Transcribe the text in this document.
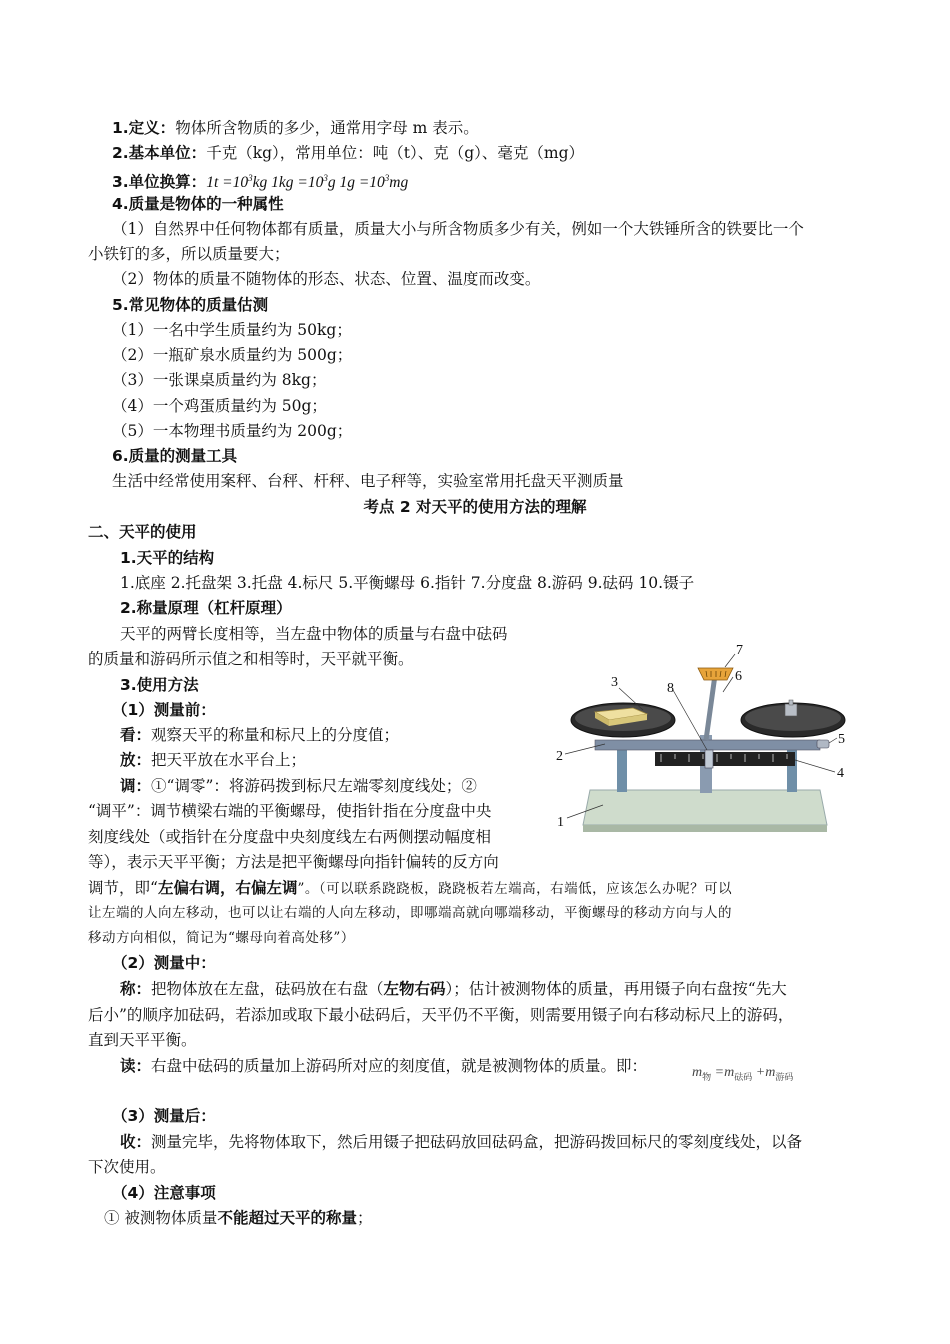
1.定义：物体所含物质的多少，通常用字母 m 表示。
2.基本单位：千克（kg），常用单位：吨（t）、克（g）、毫克（mg）
3.单位换算：$1t =10^3kg$ $1kg =10^3g$ $1g =10^3mg$
4.质量是物体的一种属性
（1）自然界中任何物体都有质量，质量大小与所含物质多少有关，例如一个大铁锤所含的铁要比一个
小铁钉的多，所以质量要大；
（2）物体的质量不随物体的形态、状态、位置、温度而改变。
5.常见物体的质量估测
（1）一名中学生质量约为 50kg；
（2）一瓶矿泉水质量约为 500g；
（3）一张课桌质量约为 8kg；
（4）一个鸡蛋质量约为 50g；
（5）一本物理书质量约为 200g；
6.质量的测量工具
生活中经常使用案秤、台秤、杆秤、电子秤等，实验室常用托盘天平测质量
考点 2 对天平的使用方法的理解
二、天平的使用
1.天平的结构
1.底座 2.托盘架 3.托盘 4.标尺 5.平衡螺母 6.指针 7.分度盘 8.游码 9.砝码 10.镊子
2.称量原理（杠杆原理）
天平的两臂长度相等，当左盘中物体的质量与右盘中砝码
的质量和游码所示值之和相等时，天平就平衡。
3.使用方法
（1）测量前：
看：观察天平的称量和标尺上的分度值；
放：把天平放在水平台上；
调：①“调零”：将游码拨到标尺左端零刻度线处；②
“调平”：调节横梁右端的平衡螺母，使指针指在分度盘中央
刻度线处（或指针在分度盘中央刻度线左右两侧摆动幅度相
等），表示天平平衡；方法是把平衡螺母向指针偏转的反方向
调节，即“左偏右调，右偏左调”。（可以联系跷跷板，跷跷板若左端高，右端低，应该怎么办呢？可以
让左端的人向左移动，也可以让右端的人向左移动，即哪端高就向哪端移动，平衡螺母的移动方向与人的
移动方向相似，简记为“螺母向着高处移”）
（2）测量中：
称：把物体放在左盘，砝码放在右盘（左物右码）；估计被测物体的质量，再用镊子向右盘按“先大
后小”的顺序加砝码，若添加或取下最小砝码后，天平仍不平衡，则需要用镊子向右移动标尺上的游码，
直到天平平衡。
读：右盘中砝码的质量加上游码所对应的刻度值，就是被测物体的质量。即：	$m_物 =m_{砝码} +m_{游码}$
（3）测量后：
收：测量完毕，先将物体取下，然后用镊子把砝码放回砝码盒，把游码拨回标尺的零刻度线处，以备
下次使用。
（4）注意事项
① 被测物体质量不能超过天平的称量；
1
2
3
4
5
6
7
8
